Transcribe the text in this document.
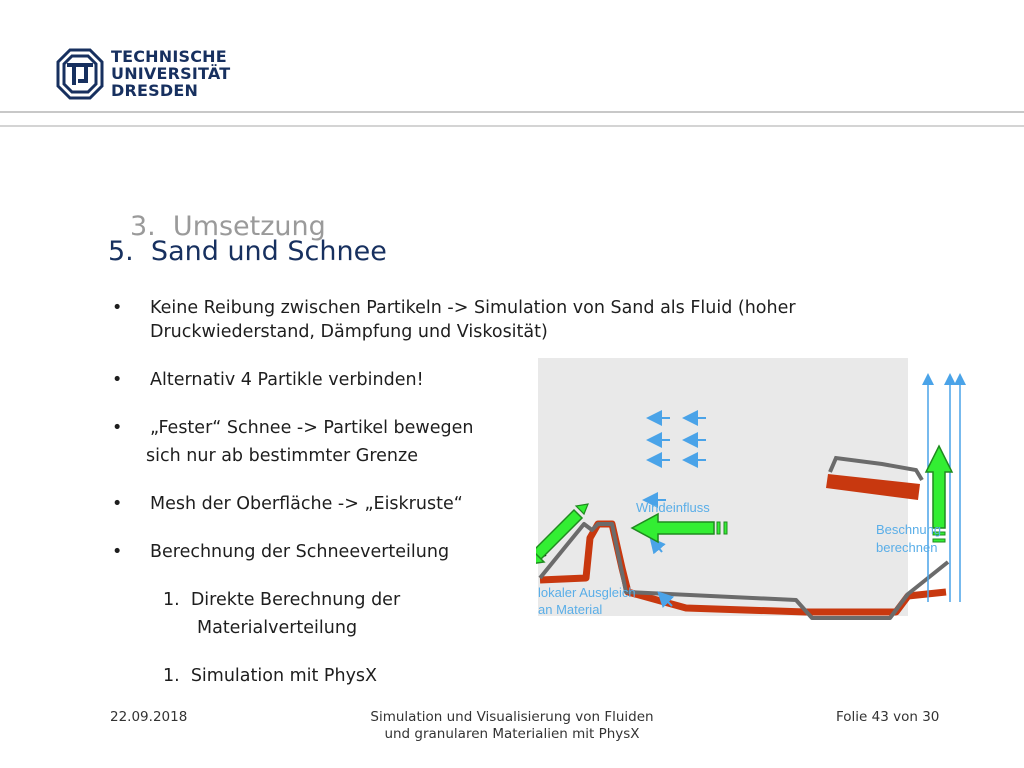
TECHNISCHE
UNIVERSITÄT
DRESDEN
3.  Umsetzung
5.  Sand und Schnee
• Keine Reibung zwischen Partikeln -> Simulation von Sand als Fluid (hoher
Druckwiederstand, Dämpfung und Viskosität)
• Alternativ 4 Partikle verbinden!
• „Fester“ Schnee -> Partikel bewegen
sich nur ab bestimmter Grenze
• Mesh der Oberfläche -> „Eiskruste“
• Berechnung der Schneeverteilung
1.  Direkte Berechnung der
Materialverteilung
1.  Simulation mit PhysX
Windeinfluss
Beschnung
berechnen
lokaler Ausgleich
an Material
22.09.2018	Simulation und Visualisierung von Fluiden
und granularen Materialien mit PhysX
Folie 43 von 30
